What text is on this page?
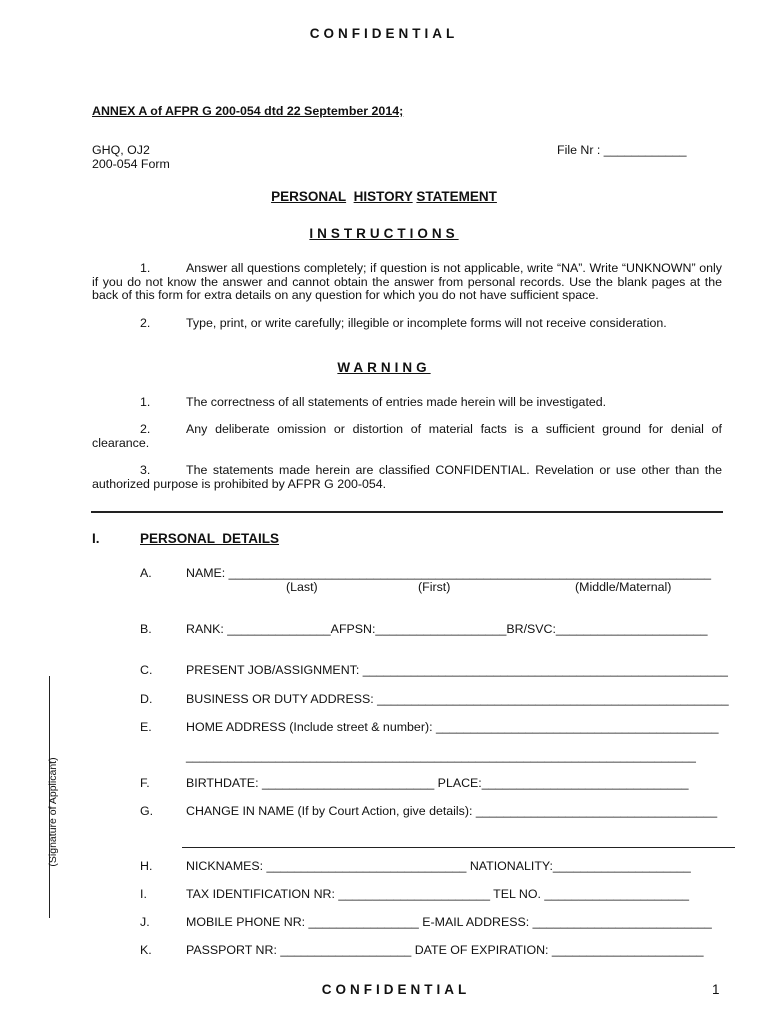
CONFIDENTIAL
ANNEX A of AFPR G 200-054 dtd 22 September 2014;
GHQ, OJ2
200-054 Form
File Nr : ____________
PERSONAL HISTORY STATEMENT
INSTRUCTIONS
1.	Answer all questions completely; if question is not applicable, write “NA”. Write “UNKNOWN” only if you do not know the answer and cannot obtain the answer from personal records. Use the blank pages at the back of this form for extra details on any question for which you do not have sufficient space.
2.	Type, print, or write carefully; illegible or incomplete forms will not receive consideration.
WARNING
1.	The correctness of all statements of entries made herein will be investigated.
2.	Any deliberate omission or distortion of material facts is a sufficient ground for denial of clearance.
3.	The statements made herein are classified CONFIDENTIAL. Revelation or use other than the authorized purpose is prohibited by AFPR G 200-054.
I.	PERSONAL  DETAILS
A.	NAME: ______________________________________________________________________
(Last)	(First)	(Middle/Maternal)
B.	RANK: _______________AFPSN:___________________BR/SVC:______________________
C.	PRESENT JOB/ASSIGNMENT: _____________________________________________________
D.	BUSINESS OR DUTY ADDRESS: ___________________________________________________
E.	HOME ADDRESS (Include street & number): _________________________________________
__________________________________________________________________________
F.	BIRTHDATE: _________________________ PLACE:______________________________
G.	CHANGE IN NAME (If by Court Action, give details): ___________________________________
H.	NICKNAMES: _____________________________ NATIONALITY:____________________
I.	TAX IDENTIFICATION NR: ______________________ TEL NO. _____________________
J.	MOBILE PHONE NR: ________________ E-MAIL ADDRESS: __________________________
K.	PASSPORT NR: ___________________ DATE OF EXPIRATION: ______________________
(Signature of Applicant)
CONFIDENTIAL	1
